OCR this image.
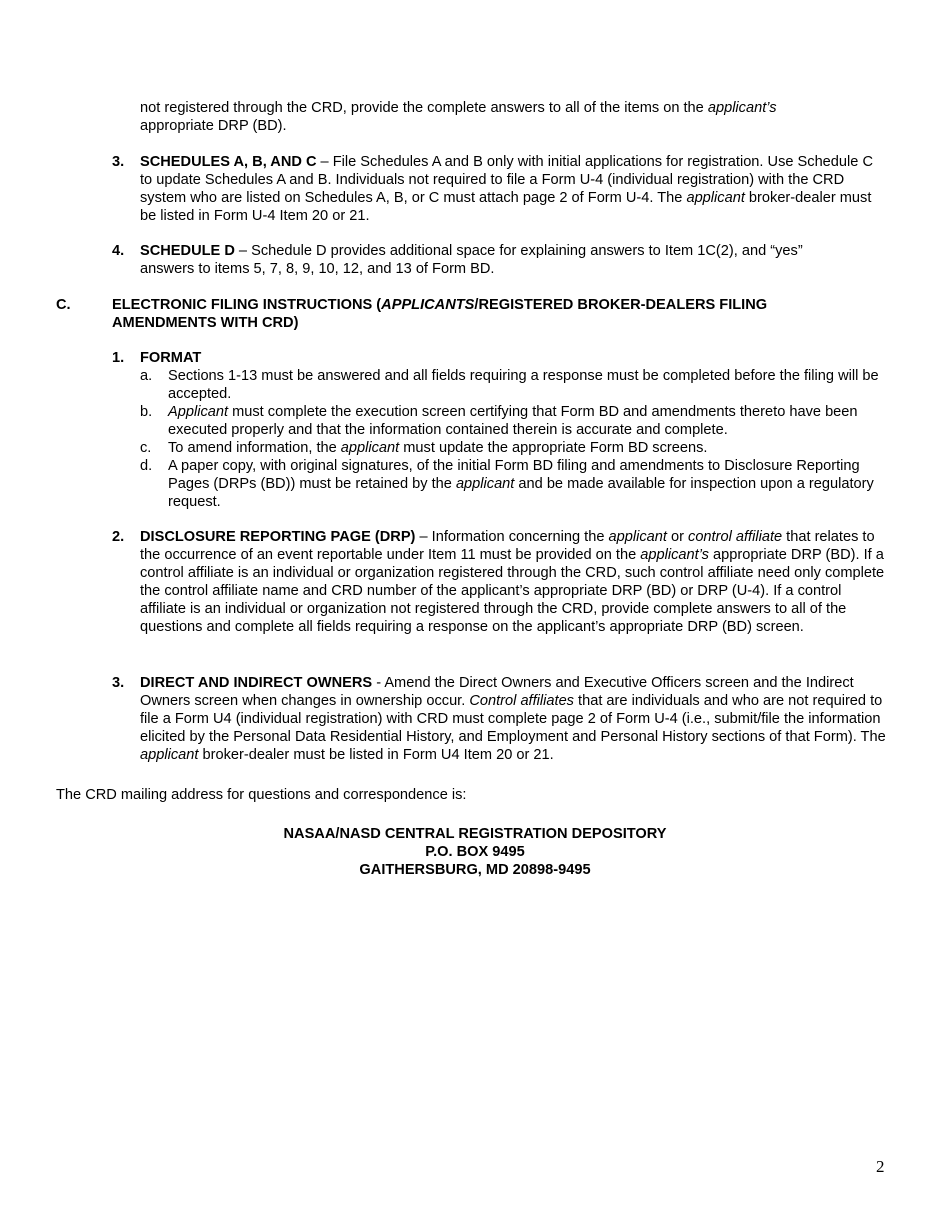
not registered through the CRD, provide the complete answers to all of the items on the applicant’s

appropriate DRP (BD).

3. SCHEDULES A, B, AND C – File Schedules A and B only with initial applications for registration. Use Schedule C to update Schedules A and B. Individuals not required to file a Form U-4 (individual registration) with the CRD system who are listed on Schedules A, B, or C must attach page 2 of Form U-4. The applicant broker-dealer must be listed in Form U-4 Item 20 or 21.

4. SCHEDULE D – Schedule D provides additional space for explaining answers to Item 1C(2), and “yes” answers to items 5, 7, 8, 9, 10, 12, and 13 of Form BD.

C.	ELECTRONIC FILING INSTRUCTIONS (APPLICANTS/REGISTERED BROKER-DEALERS FILING AMENDMENTS WITH CRD)

1. FORMAT
a. Sections 1-13 must be answered and all fields requiring a response must be completed before the filing will be accepted.

b. Applicant must complete the execution screen certifying that Form BD and amendments thereto have been executed properly and that the information contained therein is accurate and complete.

c. To amend information, the applicant must update the appropriate Form BD screens.

d. A paper copy, with original signatures, of the initial Form BD filing and amendments to Disclosure Reporting Pages (DRPs (BD)) must be retained by the applicant and be made available for inspection upon a regulatory request.

2. DISCLOSURE REPORTING PAGE (DRP) – Information concerning the applicant or control affiliate that relates to the occurrence of an event reportable under Item 11 must be provided on the applicant’s appropriate DRP (BD). If a control affiliate is an individual or organization registered through the CRD, such control affiliate need only complete the control affiliate name and CRD number of the applicant’s appropriate DRP (BD) or DRP (U-4). If a control affiliate is an individual or organization not registered through the CRD, provide complete answers to all of the questions and complete all fields requiring a response on the applicant’s appropriate DRP (BD) screen.

3. DIRECT AND INDIRECT OWNERS - Amend the Direct Owners and Executive Officers screen and the Indirect Owners screen when changes in ownership occur. Control affiliates that are individuals and who are not required to file a Form U4 (individual registration) with CRD must complete page 2 of Form U-4 (i.e., submit/file the information elicited by the Personal Data Residential History, and Employment and Personal History sections of that Form). The applicant broker-dealer must be listed in Form U4 Item 20 or 21.

The CRD mailing address for questions and correspondence is:

NASAA/NASD CENTRAL REGISTRATION DEPOSITORY

P.O. BOX 9495

GAITHERSBURG, MD 20898-9495

2
